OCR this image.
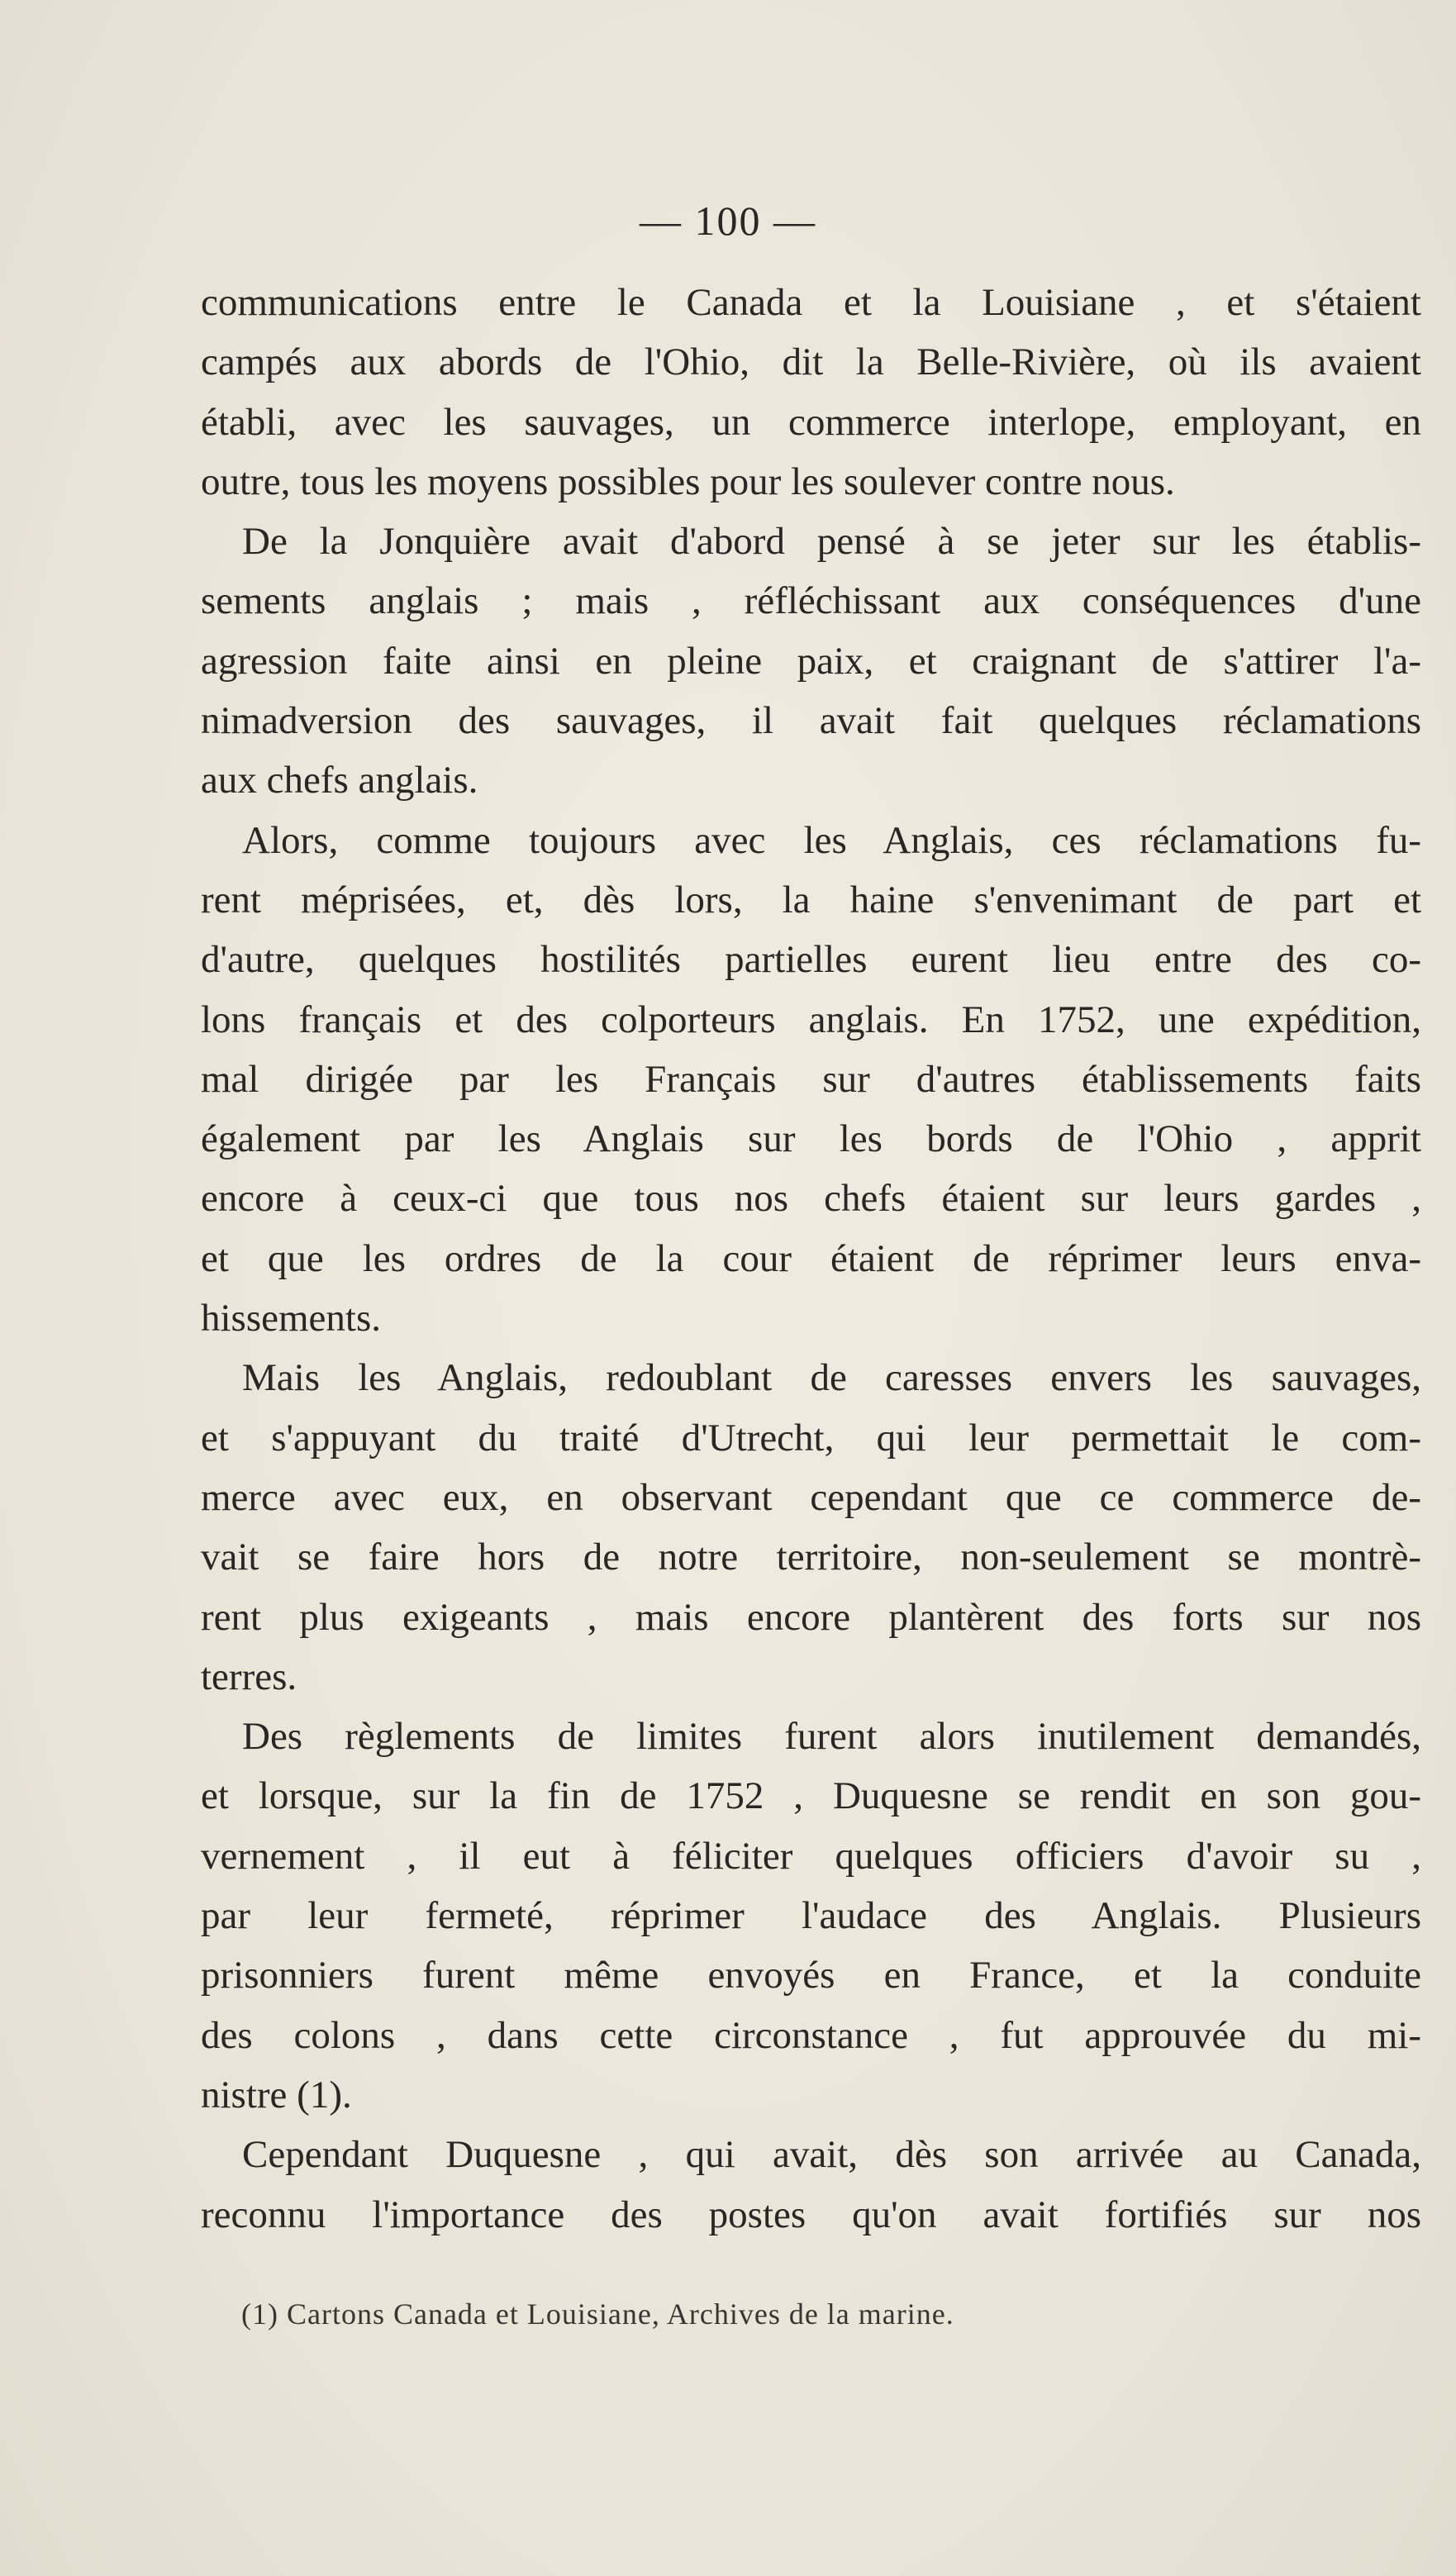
— 100 —
communications entre le Canada et la Louisiane , et s'étaient
campés aux abords de l'Ohio, dit la Belle-Rivière, où ils avaient
établi, avec les sauvages, un commerce interlope, employant, en
outre, tous les moyens possibles pour les soulever contre nous.
De la Jonquière avait d'abord pensé à se jeter sur les établis-
sements anglais ; mais , réfléchissant aux conséquences d'une
agression faite ainsi en pleine paix, et craignant de s'attirer l'a-
nimadversion des sauvages, il avait fait quelques réclamations
aux chefs anglais.
Alors, comme toujours avec les Anglais, ces réclamations fu-
rent méprisées, et, dès lors, la haine s'envenimant de part et
d'autre, quelques hostilités partielles eurent lieu entre des co-
lons français et des colporteurs anglais. En 1752, une expédition,
mal dirigée par les Français sur d'autres établissements faits
également par les Anglais sur les bords de l'Ohio , apprit
encore à ceux-ci que tous nos chefs étaient sur leurs gardes ,
et que les ordres de la cour étaient de réprimer leurs enva-
hissements.
Mais les Anglais, redoublant de caresses envers les sauvages,
et s'appuyant du traité d'Utrecht, qui leur permettait le com-
merce avec eux, en observant cependant que ce commerce de-
vait se faire hors de notre territoire, non-seulement se montrè-
rent plus exigeants , mais encore plantèrent des forts sur nos
terres.
Des règlements de limites furent alors inutilement demandés,
et lorsque, sur la fin de 1752 , Duquesne se rendit en son gou-
vernement , il eut à féliciter quelques officiers d'avoir su ,
par leur fermeté, réprimer l'audace des Anglais. Plusieurs
prisonniers furent même envoyés en France, et la conduite
des colons , dans cette circonstance , fut approuvée du mi-
nistre (1).
Cependant Duquesne , qui avait, dès son arrivée au Canada,
reconnu l'importance des postes qu'on avait fortifiés sur nos
(1) Cartons Canada et Louisiane, Archives de la marine.
